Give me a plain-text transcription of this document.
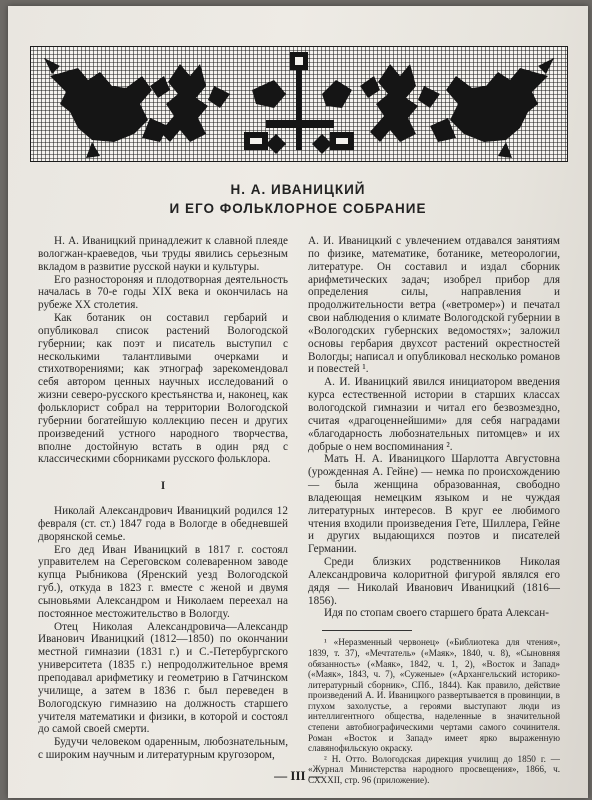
Н. А. ИВАНИЦКИЙ
И ЕГО ФОЛЬКЛОРНОЕ СОБРАНИЕ

Н. А. Иваницкий принадлежит к славной плеяде вологжан-краеведов, чьи труды явились серьезным вкладом в развитие русской науки и культуры.

Его разностороняя и плодотворная деятельность началась в 70-е годы XIX века и окончилась на рубеже XX столетия.

Как ботаник он составил гербарий и опубликовал список растений Вологодской губернии; как поэт и писатель выступил с несколькими талантливыми очерками и стихотворениями; как этнограф зарекомендовал себя автором ценных научных исследований о жизни северо-русского крестьянства и, наконец, как фольклорист собрал на территории Вологодской губернии богатейшую коллекцию песен и других произведений устного народного творчества, вполне достойную встать в один ряд с классическими сборниками русского фольклора.

I

Николай Александрович Иваницкий родился 12 февраля (ст. ст.) 1847 года в Вологде в обедневшей дворянской семье.

Его дед Иван Иваницкий в 1817 г. состоял управителем на Сереговском солеваренном заводе купца Рыбникова (Яренский уезд Вологодской губ.), откуда в 1823 г. вместе с женой и двумя сыновьями Александром и Николаем переехал на постоянное местожительство в Вологду.

Отец Николая Александровича—Александр Иванович Иваницкий (1812—1850) по окончании местной гимназии (1831 г.) и С.-Петербургского университета (1835 г.) непродолжительное время преподавал арифметику и геометрию в Гатчинском училище, а затем в 1836 г. был переведен в Вологодскую гимназию на должность старшего учителя математики и физики, в которой и состоял до самой своей смерти.

Будучи человеком одаренным, любознательным, с широким научным и литературным кругозором,

А. И. Иваницкий с увлечением отдавался занятиям по физике, математике, ботанике, метеорологии, литературе. Он составил и издал сборник арифметических задач; изобрел прибор для определения силы, направления и продолжительности ветра («ветромер») и печатал свои наблюдения о климате Вологодской губернии в «Вологодских губернских ведомостях»; заложил основы гербария двухсот растений окрестностей Вологды; написал и опубликовал несколько романов и повестей ¹.

А. И. Иваницкий явился инициатором введения курса естественной истории в старших классах вологодской гимназии и читал его безвозмездно, считая «драгоценнейшими» для себя наградами «благодарность любознательных питомцев» и их добрые о нем воспоминания ².

Мать Н. А. Иваницкого Шарлотта Августовна (урожденная А. Гейне) — немка по происхождению — была женщина образованная, свободно владеющая немецким языком и не чуждая литературных интересов. В круг ее любимого чтения входили произведения Гете, Шиллера, Гейне и других выдающихся поэтов и писателей Германии.

Среди близких родственников Николая Александровича колоритной фигурой являлся его дядя — Николай Иванович Иваницкий (1816—1856).

Идя по стопам своего старшего брата Алексан-

¹ «Неразменный червонец» («Библиотека для чтения», 1839, т. 37), «Мечтатель» («Маяк», 1840, ч. 8), «Сыновняя обязанность» («Маяк», 1842, ч. 1, 2), «Восток и Запад» («Маяк», 1843, ч. 7), «Суженые» («Архангельский историко-литературный сборник», СПб., 1844). Как правило, действие произведений А. И. Иваницкого развертывается в провинции, в глухом захолустье, а героями выступают люди из интеллигентного общества, наделенные в значительной степени автобиографическими чертами самого сочинителя. Роман «Восток и Запад» имеет ярко выраженную славянофильскую окраску.

² Н. Отто. Вологодская дирекция училищ до 1850 г. — «Журнал Министерства народного просвещения», 1866, ч. СХХХII, стр. 96 (приложение).

— III —
